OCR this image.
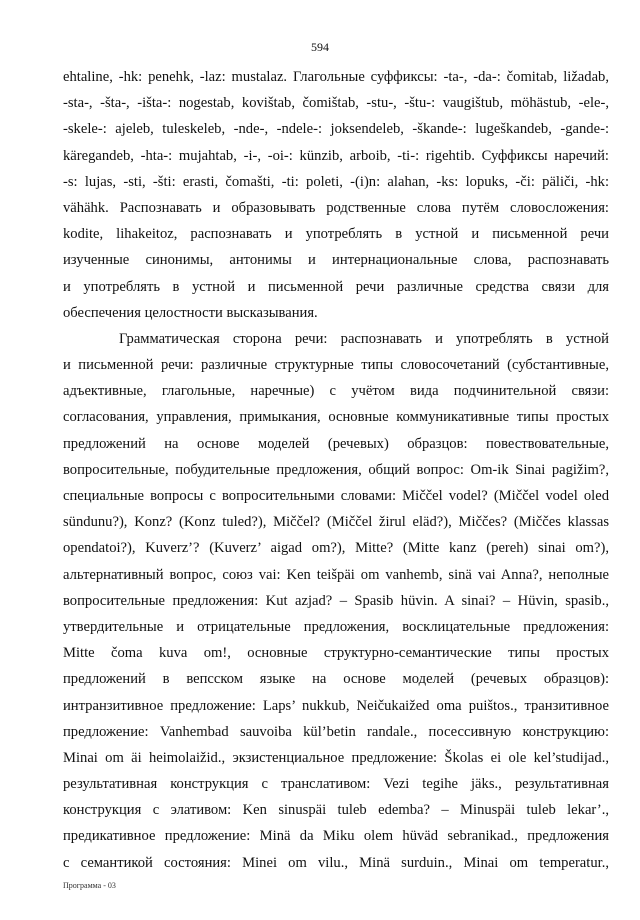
594
ehtaline, -hk: penehk, -laz: mustalaz. Глагольные суффиксы: -ta-, -da-: čomitab, ližadab,
-sta-, -šta-, -išta-: nogestab, kovištab, čomištab, -stu-, -štu-: vaugištub, möhästub, -ele-,
-skele-: ajeleb, tuleskeleb, -nde-, -ndele-: joksendeleb, -škande-: lugeškandeb, -gande-:
käregandeb, -hta-: mujahtab, -i-, -oi-: künzib, arboib, -ti-: rigehtib. Суффиксы наречий:
-s: lujas, -sti, -šti: erasti, čomašti, -ti: poleti, -(i)n: alahan, -ks: lopuks, -či: päliči, -hk:
vähähk. Распознавать и образовывать родственные слова путём словосложения:
kodite, lihakeitoz, распознавать и употреблять в устной и письменной речи
изученные синонимы, антонимы и интернациональные слова, распознавать
и употреблять в устной и письменной речи различные средства связи для
обеспечения целостности высказывания.
Грамматическая сторона речи: распознавать и употреблять в устной
и письменной речи: различные структурные типы словосочетаний (субстантивные,
адъективные, глагольные, наречные) с учётом вида подчинительной связи:
согласования, управления, примыкания, основные коммуникативные типы простых
предложений на основе моделей (речевых) образцов: повествовательные,
вопросительные, побудительные предложения, общий вопрос: Om-ik Sinai pagižim?,
специальные вопросы с вопросительными словами: Miččel vodel? (Miččel vodel oled
sündunu?), Konz? (Konz tuled?), Miččel? (Miččel žirul eläd?), Miččes? (Miččes klassas
opendatoi?), Kuverz’? (Kuverz’ aigad om?), Mitte? (Mitte kanz (pereh) sinai om?),
альтернативный вопрос, союз vai: Ken teišpäi om vanhemb, sinä vai Anna?, неполные
вопросительные предложения: Kut azjad? – Spasib hüvin. A sinai? – Hüvin, spasib.,
утвердительные и отрицательные предложения, восклицательные предложения:
Mitte čoma kuva om!, основные структурно-семантические типы простых
предложений в вепсском языке на основе моделей (речевых образцов):
интранзитивное предложение: Laps’ nukkub, Neičukaižed oma puištos., транзитивное
предложение: Vanhembad sauvoiba kül’betin randale., посессивную конструкцию:
Minai om äi heimolaižid., экзистенциальное предложение: Školas ei ole kel’studijad.,
результативная конструкция с транслативом: Vezi tegihe jäks., результативная
конструкция с элативом: Ken sinuspäi tuleb edemba? – Minuspäi tuleb lekar’.,
предикативное предложение: Minä da Miku olem hüväd sebranikad., предложения
с семантикой состояния: Minei om vilu., Minä surduin., Minai om temperatur.,
Программа - 03
